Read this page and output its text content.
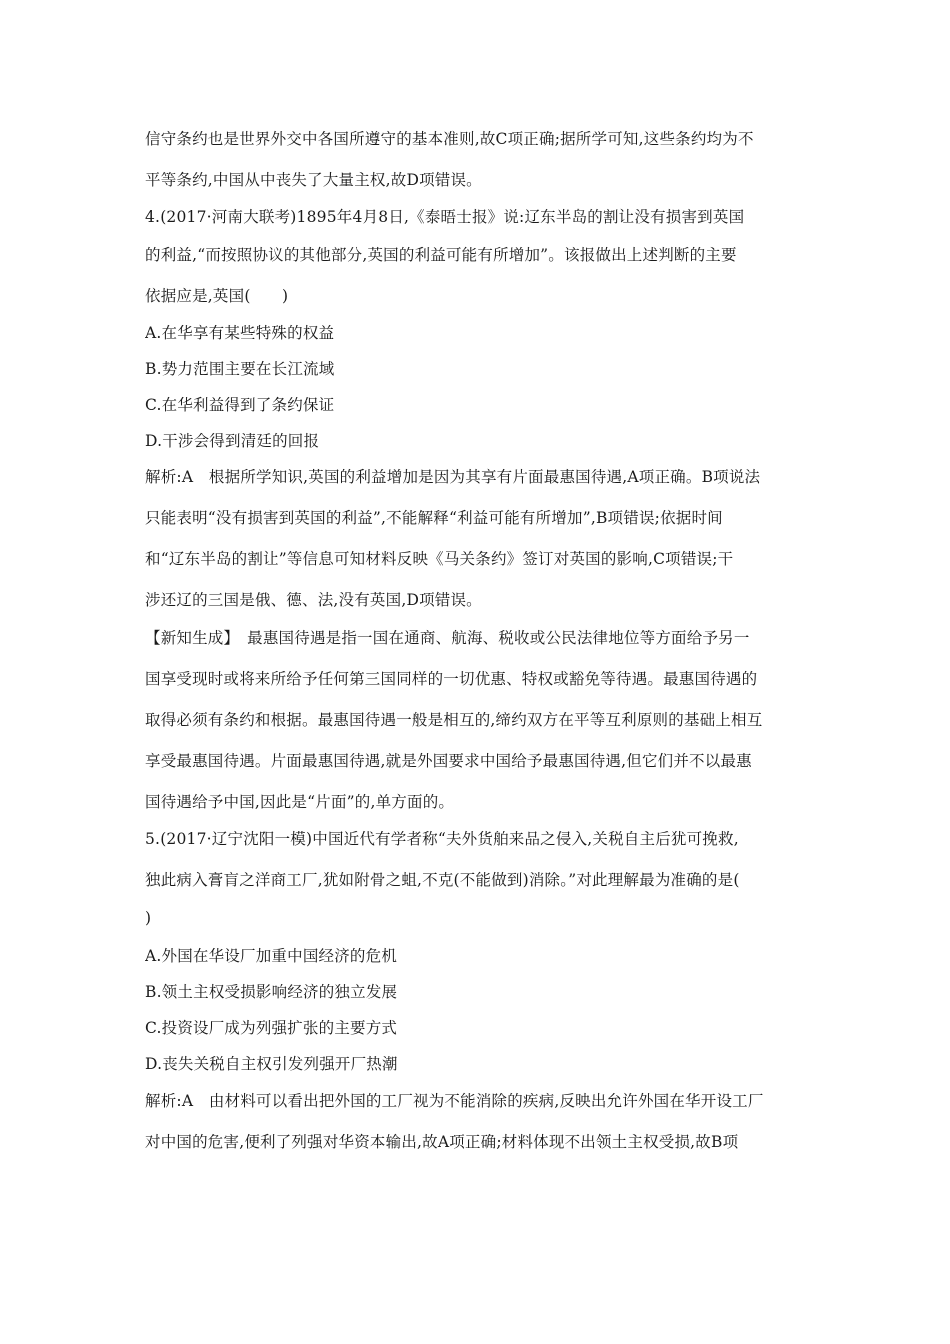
信守条约也是世界外交中各国所遵守的基本准则,故C项正确;据所学可知,这些条约均为不
平等条约,中国从中丧失了大量主权,故D项错误。
4.(2017·河南大联考)1895年4月8日,《泰晤士报》说:辽东半岛的割让没有损害到英国
的利益,“而按照协议的其他部分,英国的利益可能有所增加”。该报做出上述判断的主要
依据应是,英国(　　)
A.在华享有某些特殊的权益
B.势力范围主要在长江流域
C.在华利益得到了条约保证
D.干涉会得到清廷的回报
解析:A　根据所学知识,英国的利益增加是因为其享有片面最惠国待遇,A项正确。B项说法
只能表明“没有损害到英国的利益”,不能解释“利益可能有所增加”,B项错误;依据时间
和“辽东半岛的割让”等信息可知材料反映《马关条约》签订对英国的影响,C项错误;干
涉还辽的三国是俄、德、法,没有英国,D项错误。
【新知生成】　最惠国待遇是指一国在通商、航海、税收或公民法律地位等方面给予另一
国享受现时或将来所给予任何第三国同样的一切优惠、特权或豁免等待遇。最惠国待遇的
取得必须有条约和根据。最惠国待遇一般是相互的,缔约双方在平等互利原则的基础上相互
享受最惠国待遇。片面最惠国待遇,就是外国要求中国给予最惠国待遇,但它们并不以最惠
国待遇给予中国,因此是“片面”的,单方面的。
5.(2017·辽宁沈阳一模)中国近代有学者称“夫外货舶来品之侵入,关税自主后犹可挽救,
独此病入膏肓之洋商工厂,犹如附骨之蛆,不克(不能做到)消除。”对此理解最为准确的是(
)
A.外国在华设厂加重中国经济的危机
B.领土主权受损影响经济的独立发展
C.投资设厂成为列强扩张的主要方式
D.丧失关税自主权引发列强开厂热潮
解析:A　由材料可以看出把外国的工厂视为不能消除的疾病,反映出允许外国在华开设工厂
对中国的危害,便利了列强对华资本输出,故A项正确;材料体现不出领土主权受损,故B项
